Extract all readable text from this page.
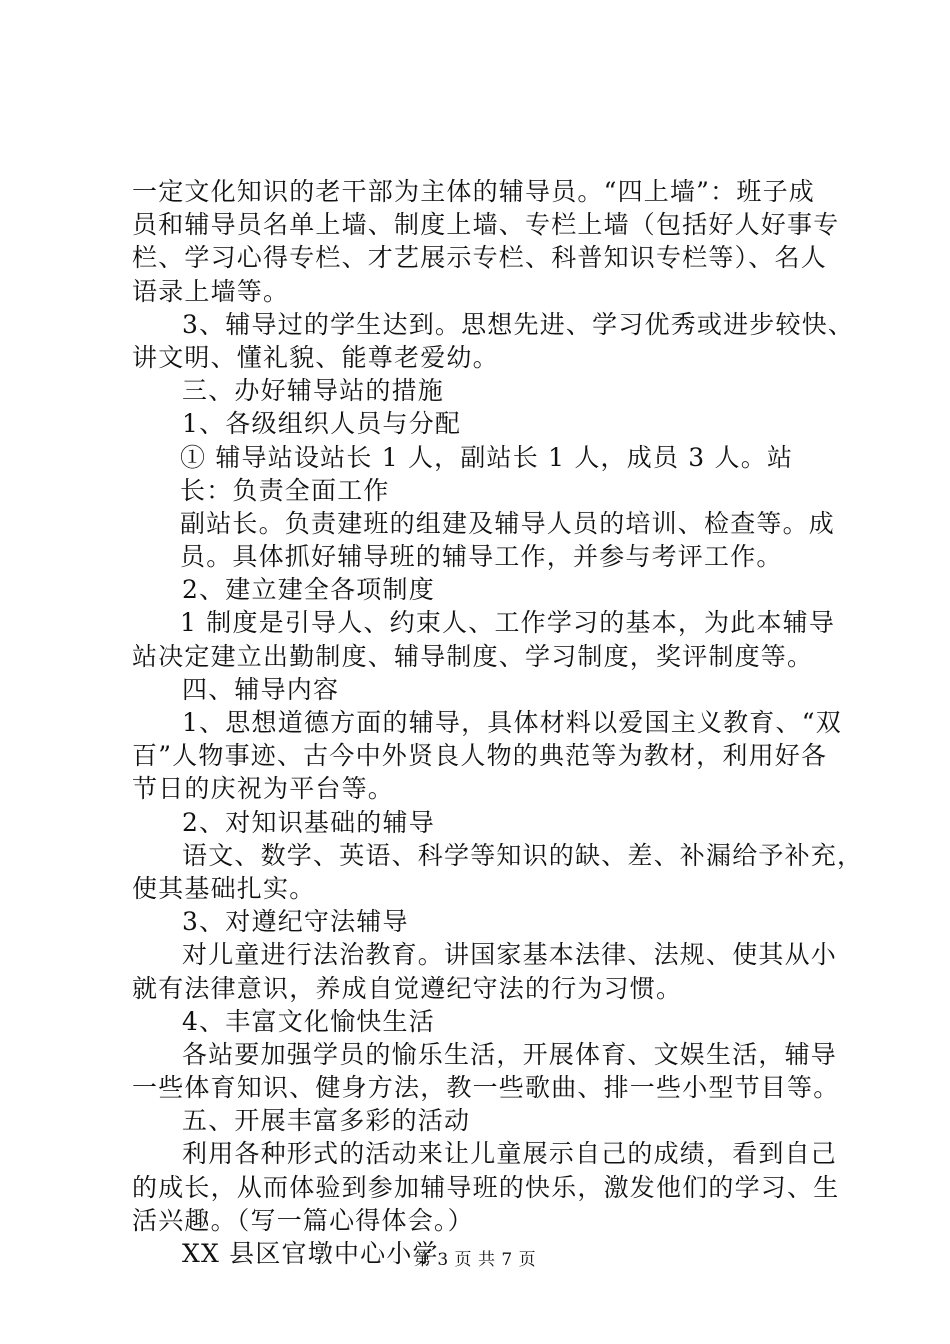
一定文化知识的老干部为主体的辅导员。“四上墙”：班子成
员和辅导员名单上墙、制度上墙、专栏上墙（包括好人好事专
栏、学习心得专栏、才艺展示专栏、科普知识专栏等）、名人
语录上墙等。
3、辅导过的学生达到。思想先进、学习优秀或进步较快、
讲文明、懂礼貌、能尊老爱幼。
三、办好辅导站的措施
1、各级组织人员与分配
① 辅导站设站长 1 人，副站长 1 人，成员 3 人。站
长：负责全面工作
副站长。负责建班的组建及辅导人员的培训、检查等。成
员。具体抓好辅导班的辅导工作，并参与考评工作。
2、建立建全各项制度
1 制度是引导人、约束人、工作学习的基本，为此本辅导
站决定建立出勤制度、辅导制度、学习制度，奖评制度等。
四、辅导内容
1、思想道德方面的辅导，具体材料以爱国主义教育、“双
百”人物事迹、古今中外贤良人物的典范等为教材，利用好各
节日的庆祝为平台等。
2、对知识基础的辅导
语文、数学、英语、科学等知识的缺、差、补漏给予补充，
使其基础扎实。
3、对遵纪守法辅导
对儿童进行法治教育。讲国家基本法律、法规、使其从小
就有法律意识，养成自觉遵纪守法的行为习惯。
4、丰富文化愉快生活
各站要加强学员的愉乐生活，开展体育、文娱生活，辅导
一些体育知识、健身方法，教一些歌曲、排一些小型节目等。
五、开展丰富多彩的活动
利用各种形式的活动来让儿童展示自己的成绩，看到自己
的成长，从而体验到参加辅导班的快乐，激发他们的学习、生
活兴趣。（写一篇心得体会。）
XX 县区官墩中心小学
第 3 页 共 7 页
